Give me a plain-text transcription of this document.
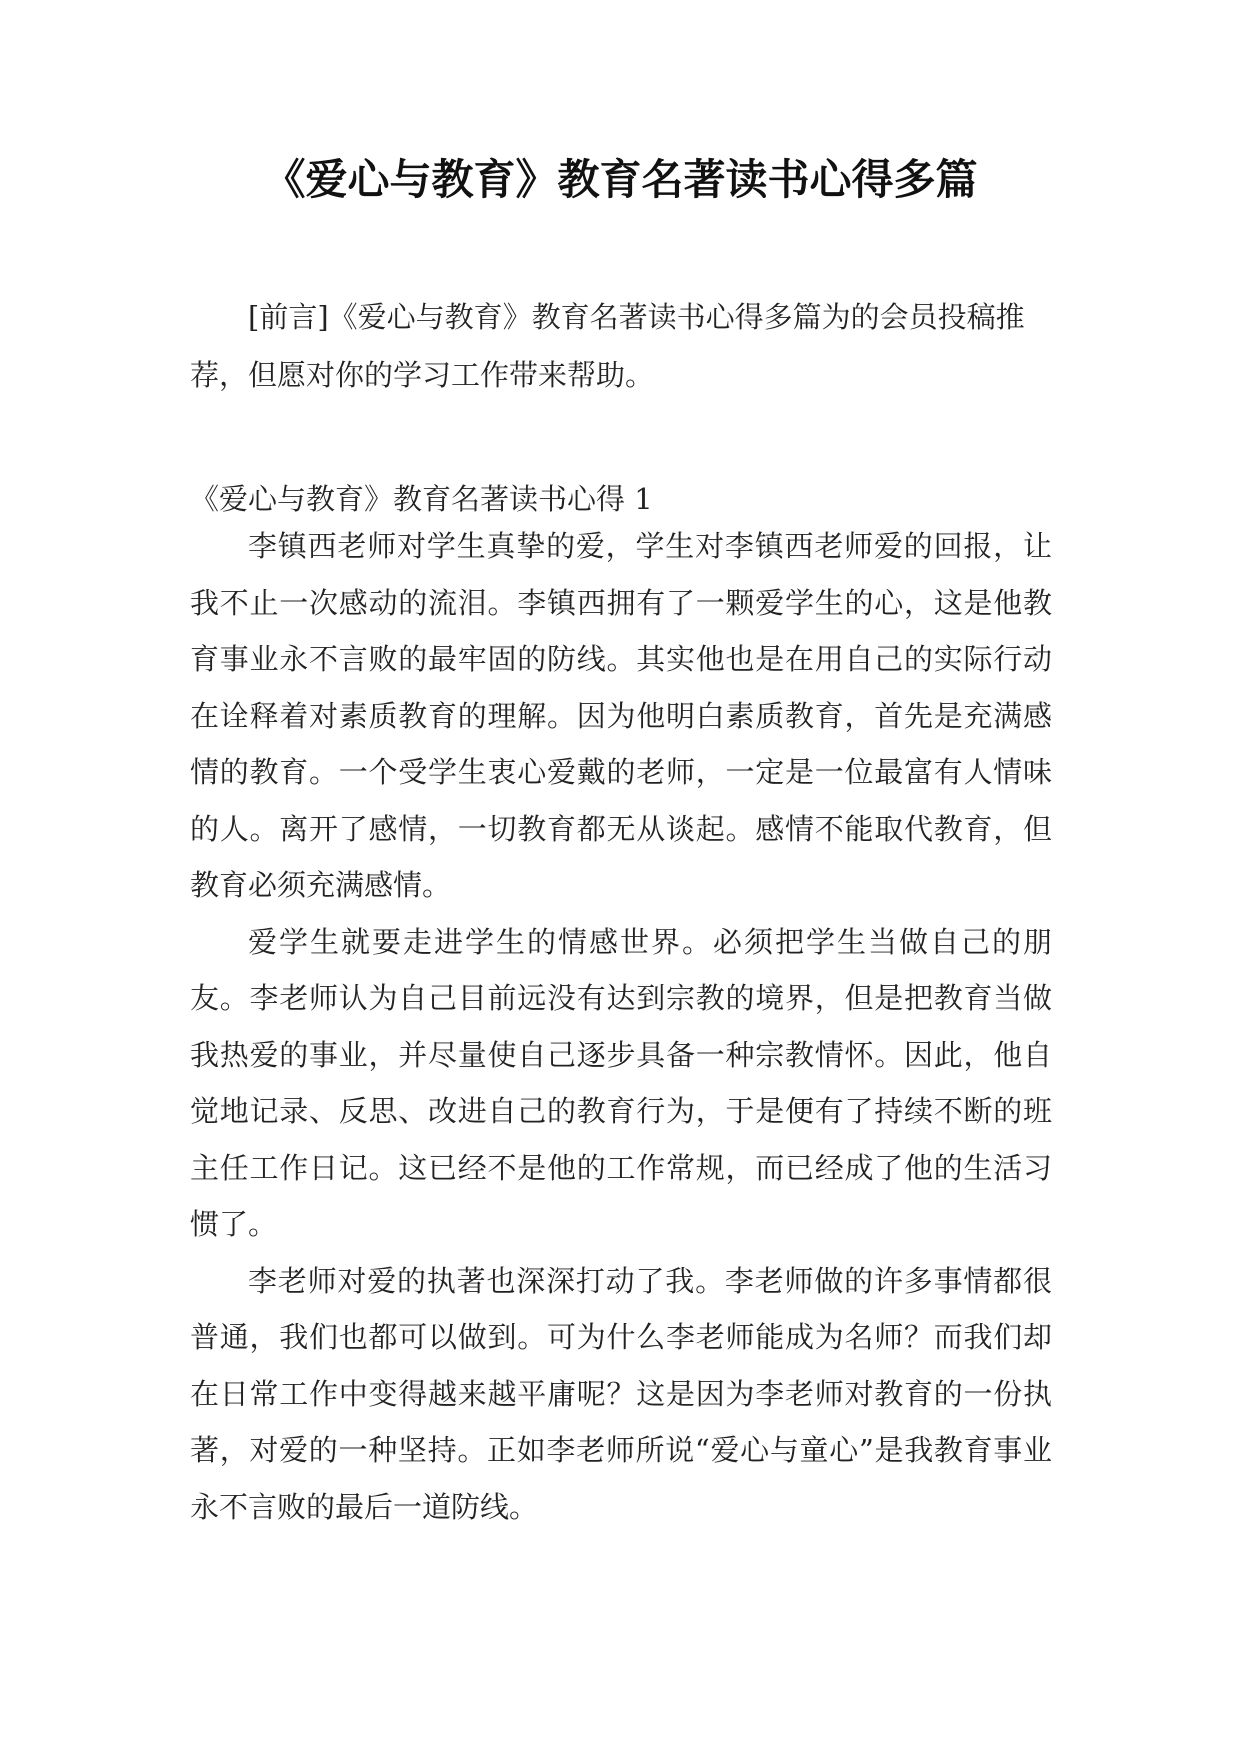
《爱心与教育》教育名著读书心得多篇

[前言]《爱心与教育》教育名著读书心得多篇为的会员投稿推荐，但愿对你的学习工作带来帮助。

《爱心与教育》教育名著读书心得 1

李镇西老师对学生真挚的爱，学生对李镇西老师爱的回报，让我不止一次感动的流泪。李镇西拥有了一颗爱学生的心，这是他教育事业永不言败的最牢固的防线。其实他也是在用自己的实际行动在诠释着对素质教育的理解。因为他明白素质教育，首先是充满感情的教育。一个受学生衷心爱戴的老师，一定是一位最富有人情味的人。离开了感情，一切教育都无从谈起。感情不能取代教育，但教育必须充满感情。

爱学生就要走进学生的情感世界。必须把学生当做自己的朋友。李老师认为自己目前远没有达到宗教的境界，但是把教育当做我热爱的事业，并尽量使自己逐步具备一种宗教情怀。因此，他自觉地记录、反思、改进自己的教育行为，于是便有了持续不断的班主任工作日记。这已经不是他的工作常规，而已经成了他的生活习惯了。

李老师对爱的执著也深深打动了我。李老师做的许多事情都很普通，我们也都可以做到。可为什么李老师能成为名师？而我们却在日常工作中变得越来越平庸呢？这是因为李老师对教育的一份执著，对爱的一种坚持。正如李老师所说“爱心与童心”是我教育事业永不言败的最后一道防线。
